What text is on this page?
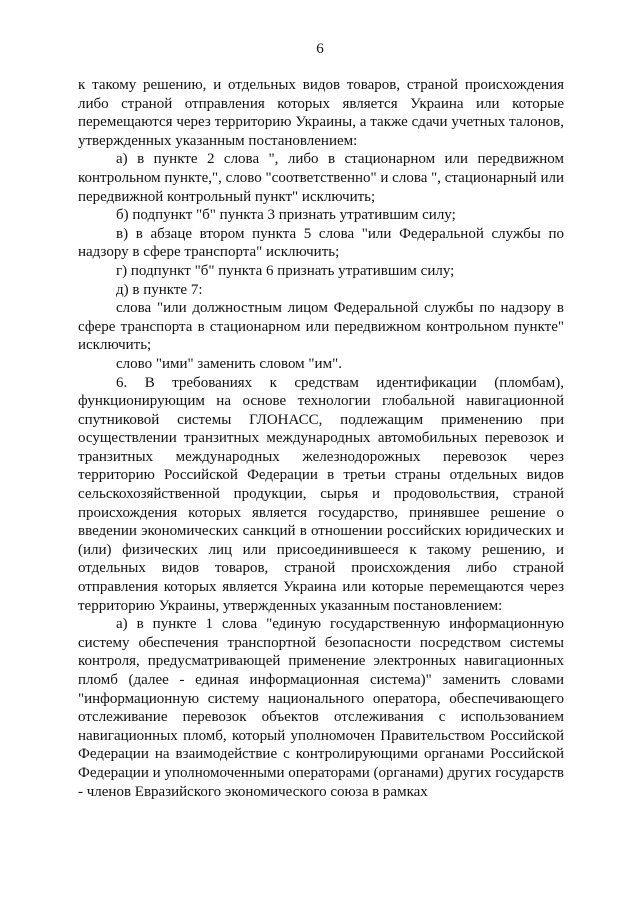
6

к такому решению, и отдельных видов товаров, страной происхождения либо страной отправления которых является Украина или которые перемещаются через территорию Украины, а также сдачи учетных талонов, утвержденных указанным постановлением:

а) в пункте 2 слова ", либо в стационарном или передвижном контрольном пункте,", слово "соответственно" и слова ", стационарный или передвижной контрольный пункт" исключить;

б) подпункт "б" пункта 3 признать утратившим силу;

в) в абзаце втором пункта 5 слова "или Федеральной службы по надзору в сфере транспорта" исключить;

г) подпункт "б" пункта 6 признать утратившим силу;

д) в пункте 7:

слова "или должностным лицом Федеральной службы по надзору в сфере транспорта в стационарном или передвижном контрольном пункте" исключить;

слово "ими" заменить словом "им".

6. В требованиях к средствам идентификации (пломбам), функционирующим на основе технологии глобальной навигационной спутниковой системы ГЛОНАСС, подлежащим применению при осуществлении транзитных международных автомобильных перевозок и транзитных международных железнодорожных перевозок через территорию Российской Федерации в третьи страны отдельных видов сельскохозяйственной продукции, сырья и продовольствия, страной происхождения которых является государство, принявшее решение о введении экономических санкций в отношении российских юридических и (или) физических лиц или присоединившееся к такому решению, и отдельных видов товаров, страной происхождения либо страной отправления которых является Украина или которые перемещаются через территорию Украины, утвержденных указанным постановлением:

а) в пункте 1 слова "единую государственную информационную систему обеспечения транспортной безопасности посредством системы контроля, предусматривающей применение электронных навигационных пломб (далее - единая информационная система)" заменить словами "информационную систему национального оператора, обеспечивающего отслеживание перевозок объектов отслеживания с использованием навигационных пломб, который уполномочен Правительством Российской Федерации на взаимодействие с контролирующими органами Российской Федерации и уполномоченными операторами (органами) других государств - членов Евразийского экономического союза в рамках
